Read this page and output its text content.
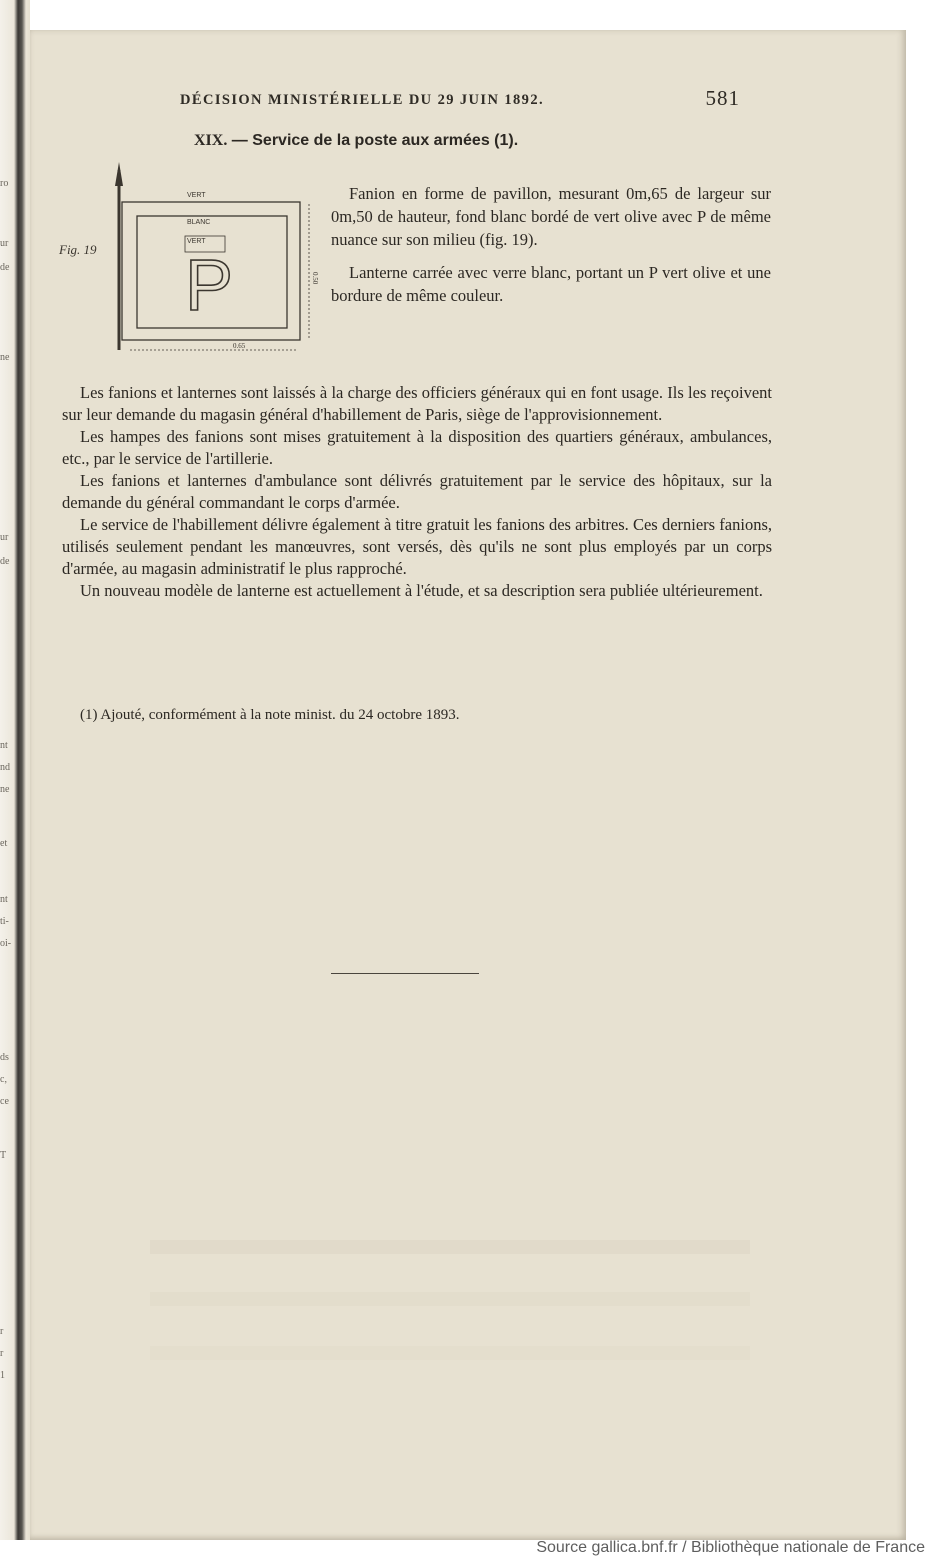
ro
ur
de
ne
ur
de
nt
nd
ne
et
nt
ti-
oi-
ds
c,
ce
T
r
r
1
DÉCISION MINISTÉRIELLE DU 29 JUIN 1892.	581
XIX. — Service de la poste aux armées (1).
Fig. 19
VERT
BLANC
VERT
P
0.65
0.50

Fanion en forme de pavillon, mesurant 0m,65 de largeur sur 0m,50 de hauteur, fond blanc bordé de vert olive avec P de même nuance sur son milieu (fig. 19).

Lanterne carrée avec verre blanc, portant un P vert olive et une bordure de même couleur.

Les fanions et lanternes sont laissés à la charge des officiers généraux qui en font usage. Ils les reçoivent sur leur demande du magasin général d'habillement de Paris, siège de l'approvisionnement.

Les hampes des fanions sont mises gratuitement à la disposition des quartiers généraux, ambulances, etc., par le service de l'artillerie.

Les fanions et lanternes d'ambulance sont délivrés gratuitement par le service des hôpitaux, sur la demande du général commandant le corps d'armée.

Le service de l'habillement délivre également à titre gratuit les fanions des arbitres. Ces derniers fanions, utilisés seulement pendant les manœuvres, sont versés, dès qu'ils ne sont plus employés par un corps d'armée, au magasin administratif le plus rapproché.

Un nouveau modèle de lanterne est actuellement à l'étude, et sa description sera publiée ultérieurement.

(1) Ajouté, conformément à la note minist. du 24 octobre 1893.
Source gallica.bnf.fr / Bibliothèque nationale de France
